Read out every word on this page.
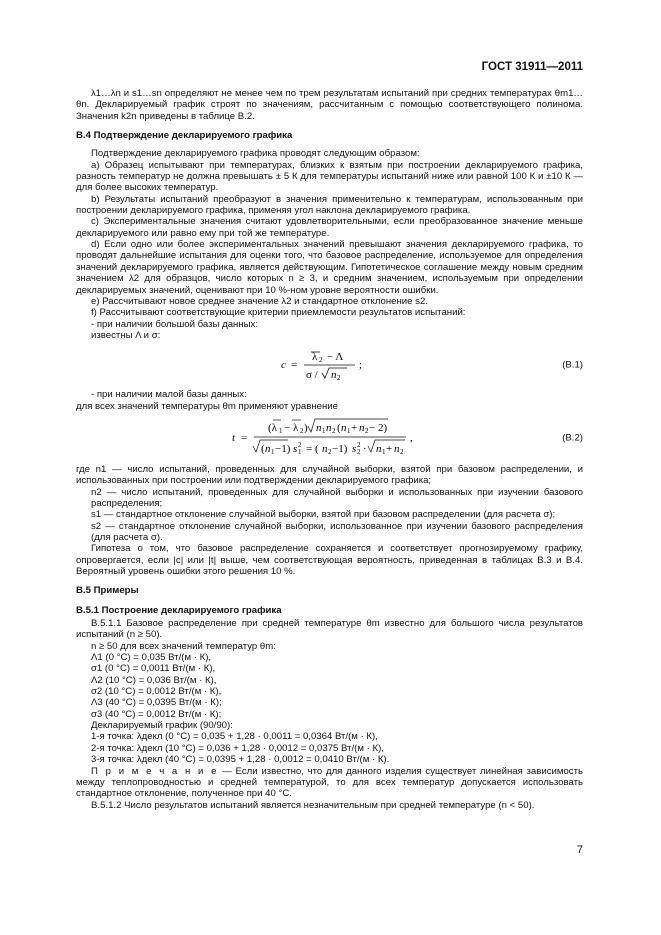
ГОСТ 31911—2011

λ1…λn и s1…sn определяют не менее чем по трем результатам испытаний при средних температурах θm1…θn. Декларируемый график строят по значениям, рассчитанным с помощью соответствующего полинома. Значения k2n приведены в таблице B.2.

В.4 Подтверждение декларируемого графика

Подтверждение декларируемого графика проводят следующим образом:

a) Образец испытывают при температурах, близких к взятым при построении декларируемого графика, разность температур не должна превышать ± 5 К для температуры испытаний ниже или равной 100 К и ±10 К — для более высоких температур.

b) Результаты испытаний преобразуют в значения применительно к температурам, использованным при построении декларируемого графика, применяя угол наклона декларируемого графика.

c) Экспериментальные значения считают удовлетворительными, если преобразованное значение меньше декларируемого или равно ему при той же температуре.

d) Если одно или более экспериментальных значений превышают значения декларируемого графика, то проводят дальнейшие испытания для оценки того, что базовое распределение, используемое для определения значений декларируемого графика, является действующим. Гипотетическое соглашение между новым средним значением λ2 для образцов, число которых n ≥ 3, и средним значением, используемым при определении декларируемых значений, оценивают при 10 %-ном уровне вероятности ошибки.

e) Рассчитывают новое среднее значение λ2 и стандартное отклонение s2.

f) Рассчитывают соответствующие критерии приемлемости результатов испытаний:

- при наличии большой базы данных:

известны Λ и σ:

c =
λ 2 − Λ
σ / n 2
;	(B.1)

- при наличии малой базы данных:

для всех значений температуры θm применяют уравнение

t =
(λ 1 − λ 2 ) n 1 n 2 ( n 1 + n 2 − 2)
( n 1 −1) s 1
2 = ( n 2 −1) s 2
2 · n 1 + n 2
,	(B.2)

где n1 — число испытаний, проведенных для случайной выборки, взятой при базовом распределении, и использованных при построении или подтверждении декларируемого графика;

n2 — число испытаний, проведенных для случайной выборки и использованных при изучении базового распределения;

s1 — стандартное отклонение случайной выборки, взятой при базовом распределении (для расчета σ);

s2 — стандартное отклонение случайной выборки, использованное при изучении базового распределения (для расчета σ).

Гипотеза о том, что базовое распределение сохраняется и соответствует прогнозируемому графику, опровергается, если |c| или |t| выше, чем соответствующая вероятность, приведенная в таблицах В.3 и В.4. Вероятный уровень ошибки этого решения 10 %.

В.5 Примеры

В.5.1 Построение декларируемого графика

В.5.1.1 Базовое распределение при средней температуре θm известно для большого числа результатов испытаний (n ≥ 50).

n ≥ 50 для всех значений температур θm:

Λ1 (0 °С) = 0,035 Вт/(м · К),

σ1 (0 °С) = 0,0011 Вт/(м · К),

Λ2 (10 °С) = 0,036 Вт/(м · К),

σ2 (10 °С) = 0,0012 Вт/(м · К),

Λ3 (40 °С) = 0,0395 Вт/(м · К);

σ3 (40 °С) = 0,0012 Вт/(м · К);

Декларируемый график (90/90):

1-я точка: λдекл (0 °С) = 0,035 + 1,28 · 0,0011 = 0,0364 Вт/(м · К),

2-я точка: λдекл (10 °С) = 0,036 + 1,28 · 0,0012 = 0,0375 Вт/(м · К),

3-я точка: λдекл (40 °С) = 0,0395 + 1,28 · 0,0012 = 0,0410 Вт/(м · К).

П р и м е ч а н и е — Если известно, что для данного изделия существует линейная зависимость между теплопроводностью и средней температурой, то для всех температур допускается использовать стандартное отклонение, полученное при 40 °С.

В.5.1.2 Число результатов испытаний является незначительным при средней температуре (n < 50).

7
